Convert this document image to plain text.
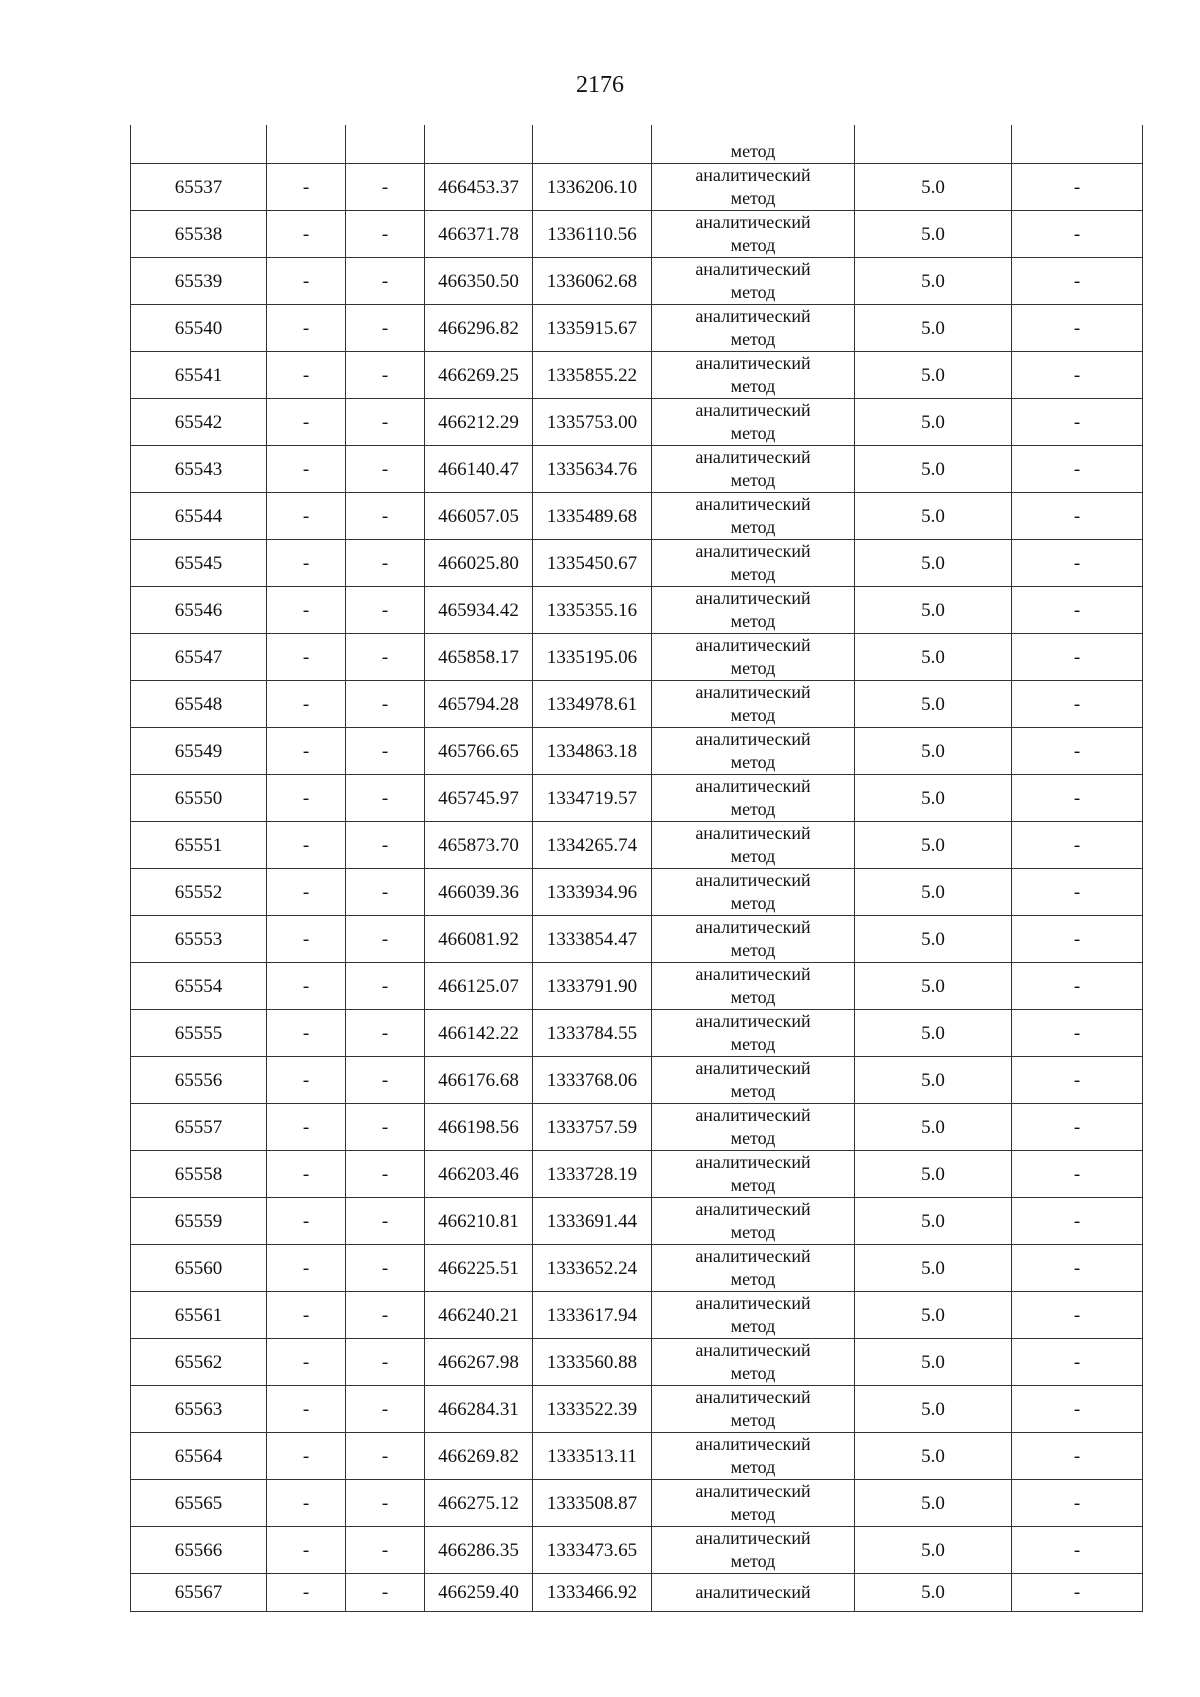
2176

					метод		

65537	-	-	466453.37	1336206.10	аналитический
метод	5.0	-
65538	-	-	466371.78	1336110.56	аналитический
метод	5.0	-
65539	-	-	466350.50	1336062.68	аналитический
метод	5.0	-
65540	-	-	466296.82	1335915.67	аналитический
метод	5.0	-
65541	-	-	466269.25	1335855.22	аналитический
метод	5.0	-
65542	-	-	466212.29	1335753.00	аналитический
метод	5.0	-
65543	-	-	466140.47	1335634.76	аналитический
метод	5.0	-
65544	-	-	466057.05	1335489.68	аналитический
метод	5.0	-
65545	-	-	466025.80	1335450.67	аналитический
метод	5.0	-
65546	-	-	465934.42	1335355.16	аналитический
метод	5.0	-
65547	-	-	465858.17	1335195.06	аналитический
метод	5.0	-
65548	-	-	465794.28	1334978.61	аналитический
метод	5.0	-
65549	-	-	465766.65	1334863.18	аналитический
метод	5.0	-
65550	-	-	465745.97	1334719.57	аналитический
метод	5.0	-
65551	-	-	465873.70	1334265.74	аналитический
метод	5.0	-
65552	-	-	466039.36	1333934.96	аналитический
метод	5.0	-
65553	-	-	466081.92	1333854.47	аналитический
метод	5.0	-
65554	-	-	466125.07	1333791.90	аналитический
метод	5.0	-
65555	-	-	466142.22	1333784.55	аналитический
метод	5.0	-
65556	-	-	466176.68	1333768.06	аналитический
метод	5.0	-
65557	-	-	466198.56	1333757.59	аналитический
метод	5.0	-
65558	-	-	466203.46	1333728.19	аналитический
метод	5.0	-
65559	-	-	466210.81	1333691.44	аналитический
метод	5.0	-
65560	-	-	466225.51	1333652.24	аналитический
метод	5.0	-
65561	-	-	466240.21	1333617.94	аналитический
метод	5.0	-
65562	-	-	466267.98	1333560.88	аналитический
метод	5.0	-
65563	-	-	466284.31	1333522.39	аналитический
метод	5.0	-
65564	-	-	466269.82	1333513.11	аналитический
метод	5.0	-
65565	-	-	466275.12	1333508.87	аналитический
метод	5.0	-
65566	-	-	466286.35	1333473.65	аналитический
метод	5.0	-
65567	-	-	466259.40	1333466.92	аналитический	5.0	-
